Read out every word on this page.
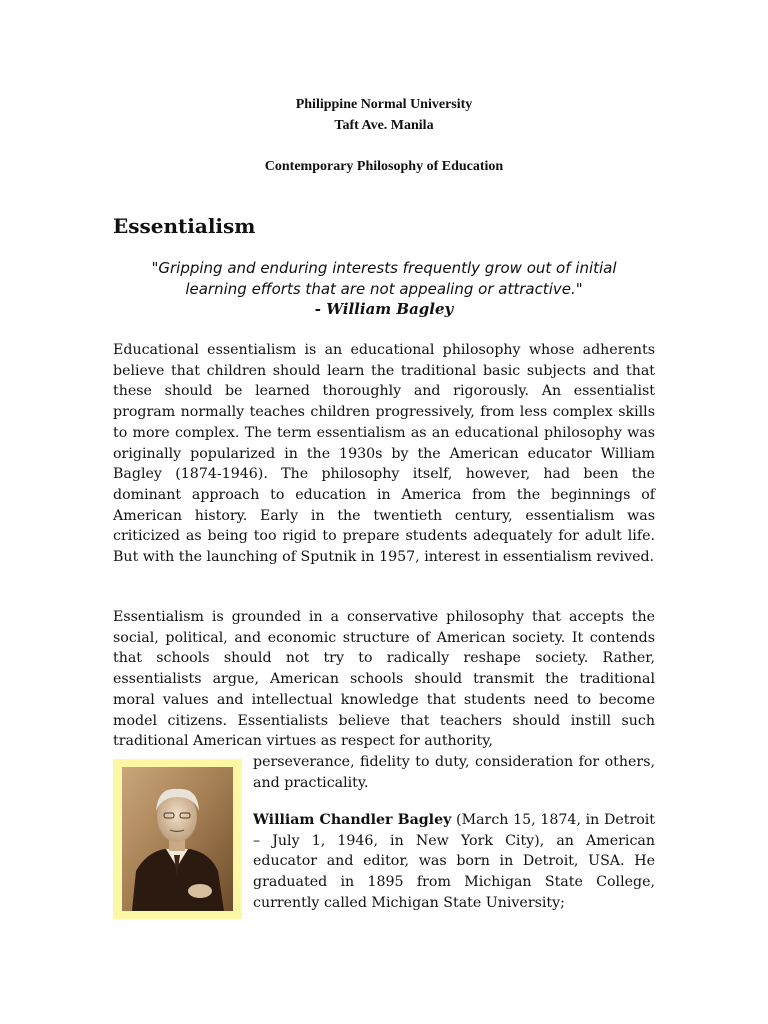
Philippine Normal University
Taft Ave. Manila
Contemporary Philosophy of Education
Essentialism
"Gripping and enduring interests frequently grow out of initial
learning efforts that are not appealing or attractive."
- William Bagley

Educational essentialism is an educational philosophy whose adherents believe that children should learn the traditional basic subjects and that these should be learned thoroughly and rigorously. An essentialist program normally teaches children progressively, from less complex skills to more complex. The term essentialism as an educational philosophy was originally popularized in the 1930s by the American educator William Bagley (1874-1946). The philosophy itself, however, had been the dominant approach to education in America from the beginnings of American history. Early in the twentieth century, essentialism was criticized as being too rigid to prepare students adequately for adult life. But with the launching of Sputnik in 1957, interest in essentialism revived.

Essentialism is grounded in a conservative philosophy that accepts the social, political, and economic structure of American society. It contends that schools should not try to radically reshape society. Rather, essentialists argue, American schools should transmit the traditional moral values and intellectual knowledge that students need to become model citizens. Essentialists believe that teachers should instill such traditional American virtues as respect for authority,

perseverance, fidelity to duty, consideration for others, and practicality.

William Chandler Bagley (March 15, 1874, in Detroit – July 1, 1946, in New York City), an American educator and editor, was born in Detroit, USA. He graduated in 1895 from Michigan State College, currently called Michigan State University;
